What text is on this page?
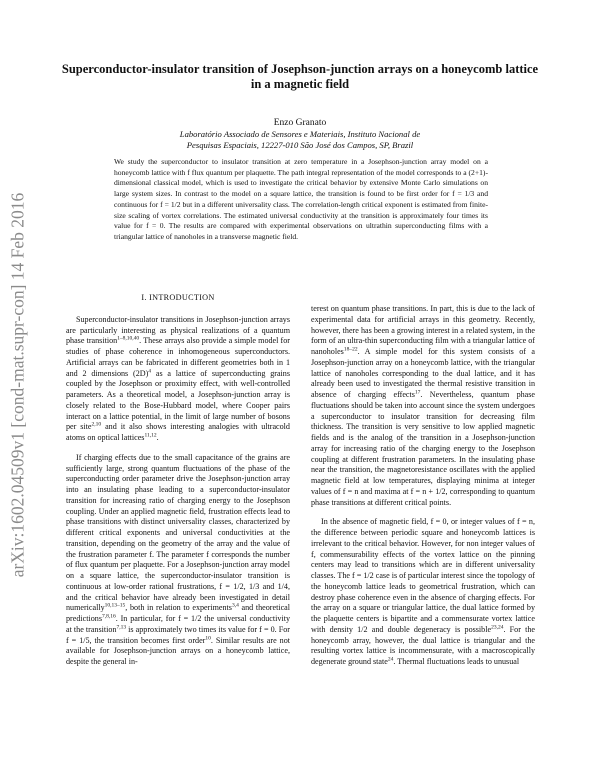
arXiv:1602.04509v1 [cond-mat.supr-con] 14 Feb 2016
Superconductor-insulator transition of Josephson-junction arrays on a honeycomb lattice in a magnetic field
Enzo Granato
Laboratório Associado de Sensores e Materiais, Instituto Nacional de
Pesquisas Espaciais, 12227-010 São José dos Campos, SP, Brazil

We study the superconductor to insulator transition at zero temperature in a Josephson-junction array model on a honeycomb lattice with f flux quantum per plaquette. The path integral representation of the model corresponds to a (2+1)-dimensional classical model, which is used to investigate the critical behavior by extensive Monte Carlo simulations on large system sizes. In contrast to the model on a square lattice, the transition is found to be first order for f = 1/3 and continuous for f = 1/2 but in a different universality class. The correlation-length critical exponent is estimated from finite-size scaling of vortex correlations. The estimated universal conductivity at the transition is approximately four times its value for f = 0. The results are compared with experimental observations on ultrathin superconducting films with a triangular lattice of nanoholes in a transverse magnetic field.

I. INTRODUCTION

Superconductor-insulator transitions in Josephson-junction arrays are particularly interesting as physical realizations of a quantum phase transition$^{1-8,10,40}$. These arrays also provide a simple model for studies of phase coherence in inhomogeneous superconductors. Artificial arrays can be fabricated in different geometries both in 1 and 2 dimensions $(2D)^4$ as a lattice of superconducting grains coupled by the Josephson or proximity effect, with well-controlled parameters. As a theoretical model, a Josephson-junction array is closely related to the Bose-Hubbard model, where Cooper pairs interact on a lattice potential, in the limit of large number of bosons per site$^{2,10}$ and it also shows interesting analogies with ultracold atoms on optical lattices$^{11,12}$.

If charging effects due to the small capacitance of the grains are sufficiently large, strong quantum fluctuations of the phase of the superconducting order parameter drive the Josephson-junction array into an insulating phase leading to a superconductor-insulator transition for increasing ratio of charging energy to the Josephson coupling. Under an applied magnetic field, frustration effects lead to phase transitions with distinct universality classes, characterized by different critical exponents and universal conductivities at the transition, depending on the geometry of the array and the value of the frustration parameter f. The parameter f corresponds the number of flux quantum per plaquette. For a Josephson-junction array model on a square lattice, the superconductor-insulator transition is continuous at low-order rational frustrations, f = 1/2, 1/3 and 1/4, and the critical behavior have already been investigated in detail numerically$^{10,13-15}$, both in relation to experiments$^{3,4}$ and theoretical predictions$^{7,8,16}$. In particular, for f = 1/2 the universal conductivity at the transition$^{7,13}$ is approximately two times its value for f = 0. For f = 1/5, the transition becomes first order$^{10}$. Similar results are not available for Josephson-junction arrays on a honeycomb lattice, despite the general in-

terest on quantum phase transitions. In part, this is due to the lack of experimental data for artificial arrays in this geometry. Recently, however, there has been a growing interest in a related system, in the form of an ultra-thin superconducting film with a triangular lattice of nanoholes$^{18-22}$. A simple model for this system consists of a Josephson-junction array on a honeycomb lattice, with the triangular lattice of nanoholes corresponding to the dual lattice, and it has already been used to investigated the thermal resistive transition in absence of charging effects$^{17}$. Nevertheless, quantum phase fluctuations should be taken into account since the system undergoes a superconductor to insulator transition for decreasing film thickness. The transition is very sensitive to low applied magnetic fields and is the analog of the transition in a Josephson-junction array for increasing ratio of the charging energy to the Josephson coupling at different frustration parameters. In the insulating phase near the transition, the magnetoresistance oscillates with the applied magnetic field at low temperatures, displaying minima at integer values of f = n and maxima at f = n + 1/2, corresponding to quantum phase transitions at different critical points.

In the absence of magnetic field, f = 0, or integer values of f = n, the difference between periodic square and honeycomb lattices is irrelevant to the critical behavior. However, for non integer values of f, commensurability effects of the vortex lattice on the pinning centers may lead to transitions which are in different universality classes. The f = 1/2 case is of particular interest since the topology of the honeycomb lattice leads to geometrical frustration, which can destroy phase coherence even in the absence of charging effects. For the array on a square or triangular lattice, the dual lattice formed by the plaquette centers is bipartite and a commensurate vortex lattice with density 1/2 and double degeneracy is possible$^{23,24}$. For the honeycomb array, however, the dual lattice is triangular and the resulting vortex lattice is incommensurate, with a macroscopically degenerate ground state$^{24}$. Thermal fluctuations leads to unusual
